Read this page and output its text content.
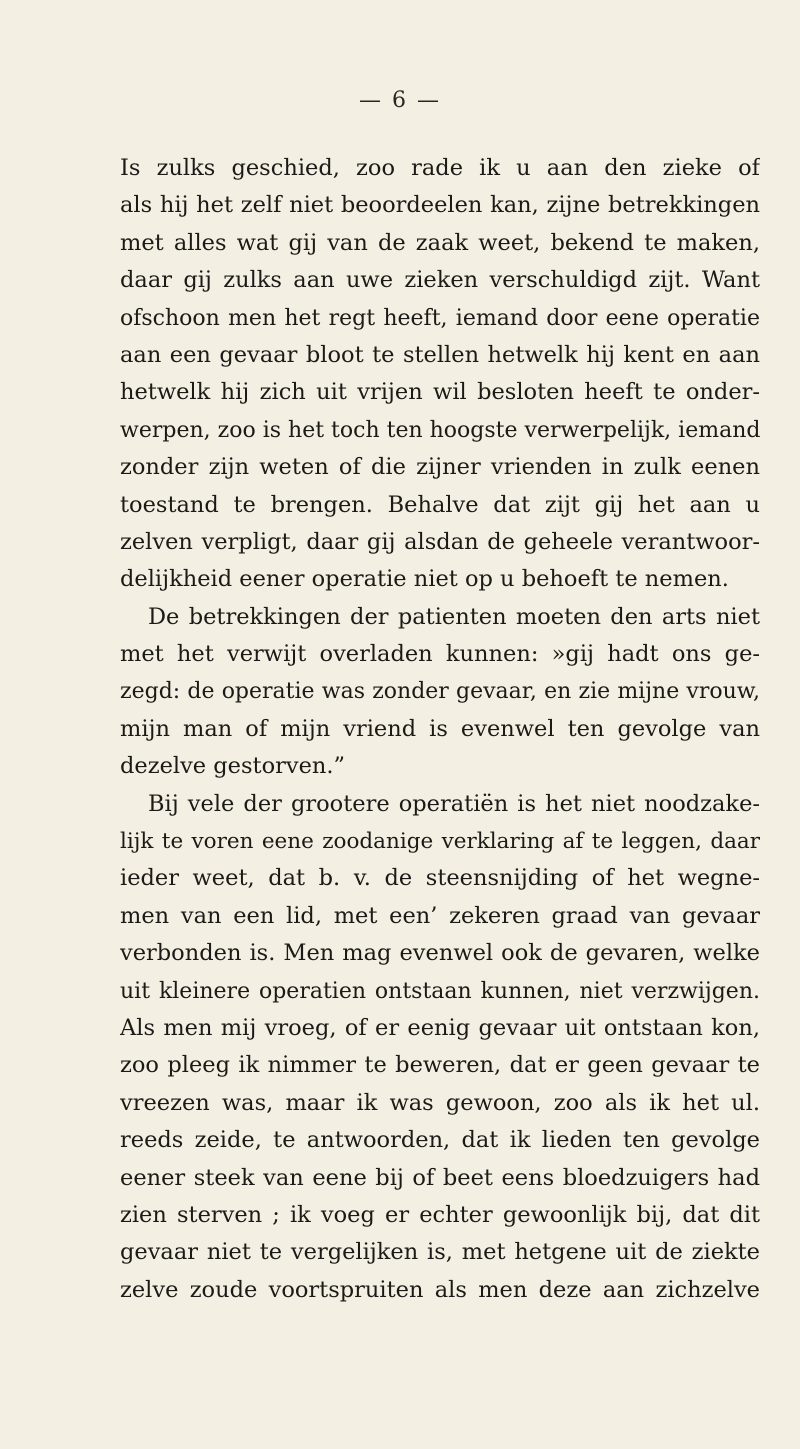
— 6 —
Is zulks geschied, zoo rade ik u aan den zieke of
als hij het zelf niet beoordeelen kan, zijne betrekkingen
met alles wat gij van de zaak weet, bekend te maken,
daar gij zulks aan uwe zieken verschuldigd zijt. Want
ofschoon men het regt heeft, iemand door eene operatie
aan een gevaar bloot te stellen hetwelk hij kent en aan
hetwelk hij zich uit vrijen wil besloten heeft te onder-
werpen, zoo is het toch ten hoogste verwerpelijk, iemand
zonder zijn weten of die zijner vrienden in zulk eenen
toestand te brengen. Behalve dat zijt gij het aan u
zelven verpligt, daar gij alsdan de geheele verantwoor-
delijkheid eener operatie niet op u behoeft te nemen.
De betrekkingen der patienten moeten den arts niet
met het verwijt overladen kunnen: »gij hadt ons ge-
zegd: de operatie was zonder gevaar, en zie mijne vrouw,
mijn man of mijn vriend is evenwel ten gevolge van
dezelve gestorven.”
Bij vele der grootere operatiën is het niet noodzake-
lijk te voren eene zoodanige verklaring af te leggen, daar
ieder weet, dat b. v. de steensnijding of het wegne-
men van een lid, met een’ zekeren graad van gevaar
verbonden is. Men mag evenwel ook de gevaren, welke
uit kleinere operatien ontstaan kunnen, niet verzwijgen.
Als men mij vroeg, of er eenig gevaar uit ontstaan kon,
zoo pleeg ik nimmer te beweren, dat er geen gevaar te
vreezen was, maar ik was gewoon, zoo als ik het ul.
reeds zeide, te antwoorden, dat ik lieden ten gevolge
eener steek van eene bij of beet eens bloedzuigers had
zien sterven ; ik voeg er echter gewoonlijk bij, dat dit
gevaar niet te vergelijken is, met hetgene uit de ziekte
zelve zoude voortspruiten als men deze aan zichzelve
